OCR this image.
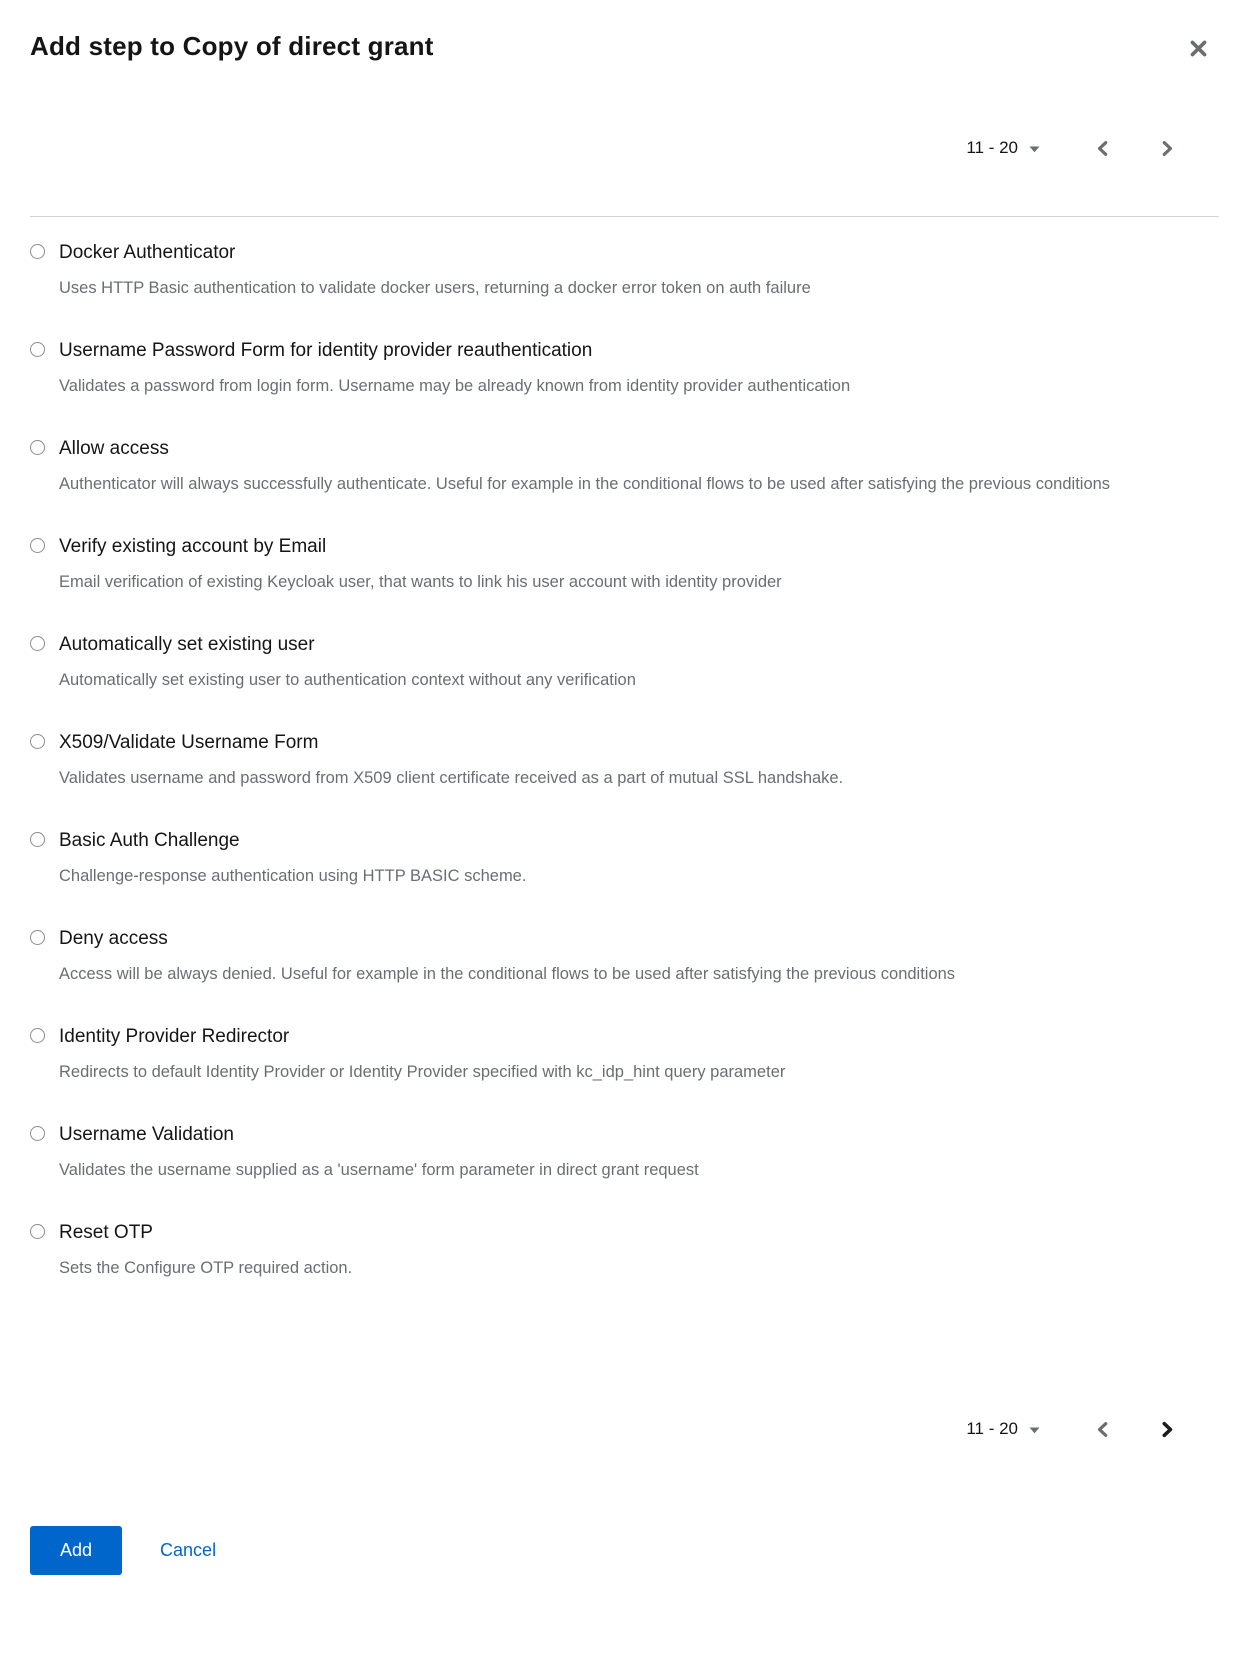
Add step to Copy of direct grant
11 - 20
Docker Authenticator
Uses HTTP Basic authentication to validate docker users, returning a docker error token on auth failure
Username Password Form for identity provider reauthentication
Validates a password from login form. Username may be already known from identity provider authentication
Allow access
Authenticator will always successfully authenticate. Useful for example in the conditional flows to be used after satisfying the previous conditions
Verify existing account by Email
Email verification of existing Keycloak user, that wants to link his user account with identity provider
Automatically set existing user
Automatically set existing user to authentication context without any verification
X509/Validate Username Form
Validates username and password from X509 client certificate received as a part of mutual SSL handshake.
Basic Auth Challenge
Challenge-response authentication using HTTP BASIC scheme.
Deny access
Access will be always denied. Useful for example in the conditional flows to be used after satisfying the previous conditions
Identity Provider Redirector
Redirects to default Identity Provider or Identity Provider specified with kc_idp_hint query parameter
Username Validation
Validates the username supplied as a 'username' form parameter in direct grant request
Reset OTP
Sets the Configure OTP required action.
11 - 20
Add	Cancel
